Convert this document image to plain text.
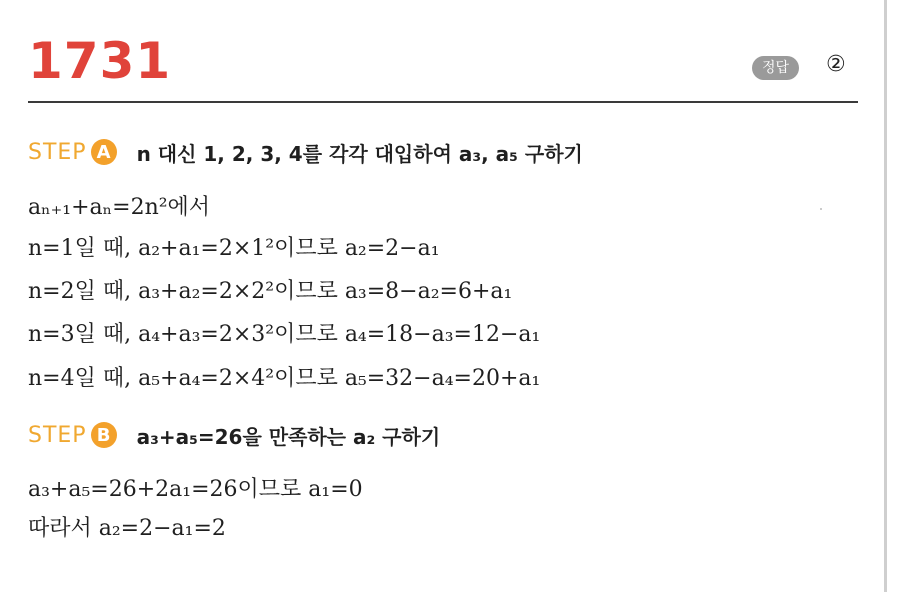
1731	정답	②
STEP A	n 대신 1, 2, 3, 4를 각각 대입하여 a₃, a₅ 구하기
aₙ₊₁+aₙ=2n²에서
n=1일 때, a₂+a₁=2×1²이므로 a₂=2−a₁
n=2일 때, a₃+a₂=2×2²이므로 a₃=8−a₂=6+a₁
n=3일 때, a₄+a₃=2×3²이므로 a₄=18−a₃=12−a₁
n=4일 때, a₅+a₄=2×4²이므로 a₅=32−a₄=20+a₁
STEP B	a₃+a₅=26을 만족하는 a₂ 구하기
a₃+a₅=26+2a₁=26이므로 a₁=0
따라서 a₂=2−a₁=2
